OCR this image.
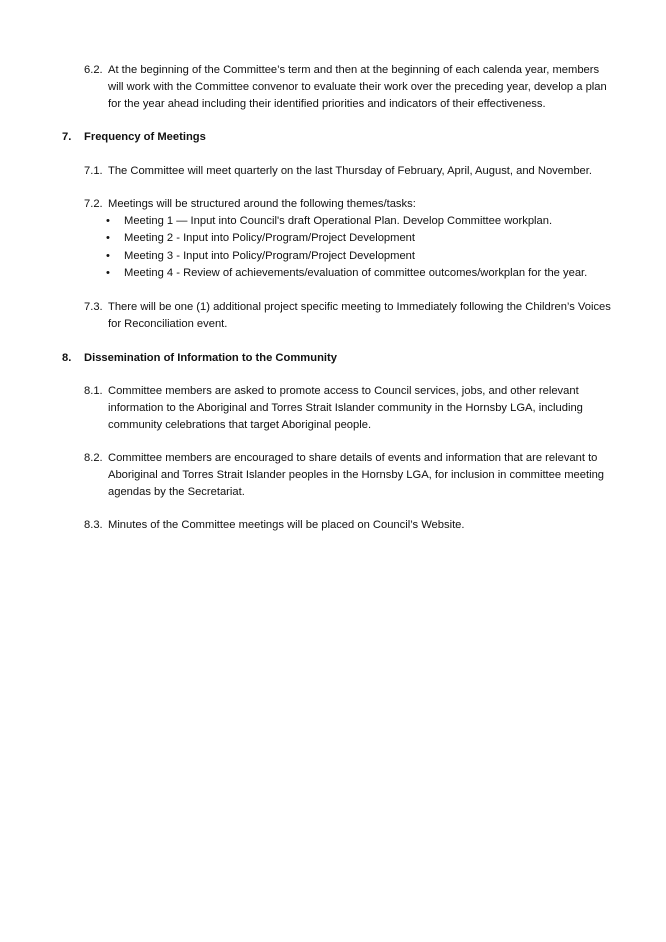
6.2. At the beginning of the Committee’s term and then at the beginning of each calenda year, members will work with the Committee convenor to evaluate their work over the preceding year, develop a plan for the year ahead including their identified priorities and indicators of their effectiveness.
7. Frequency of Meetings
7.1. The Committee will meet quarterly on the last Thursday of February, April, August, and November.
7.2. Meetings will be structured around the following themes/tasks:
• Meeting 1 — Input into Council's draft Operational Plan. Develop Committee workplan.
• Meeting 2 - Input into Policy/Program/Project Development
• Meeting 3 - Input into Policy/Program/Project Development
• Meeting 4 - Review of achievements/evaluation of committee outcomes/workplan for the year.
7.3. There will be one (1) additional project specific meeting to Immediately following the Children’s Voices for Reconciliation event.
8. Dissemination of Information to the Community
8.1. Committee members are asked to promote access to Council services, jobs, and other relevant information to the Aboriginal and Torres Strait Islander community in the Hornsby LGA, including community celebrations that target Aboriginal people.
8.2. Committee members are encouraged to share details of events and information that are relevant to Aboriginal and Torres Strait Islander peoples in the Hornsby LGA, for inclusion in committee meeting agendas by the Secretariat.
8.3. Minutes of the Committee meetings will be placed on Council’s Website.
